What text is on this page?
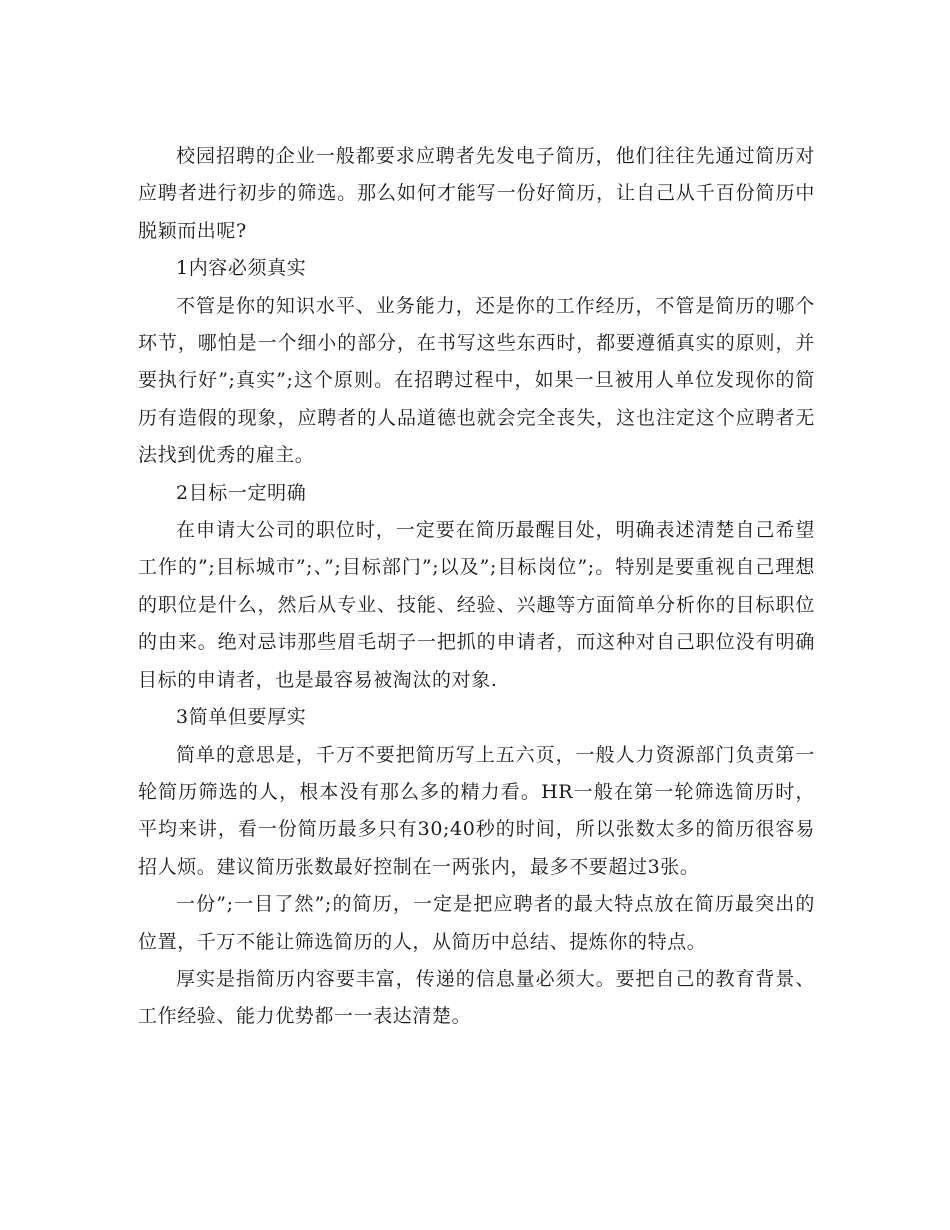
校园招聘的企业一般都要求应聘者先发电子简历，他们往往先通过简历对应聘者进行初步的筛选。那么如何才能写一份好简历，让自己从千百份简历中脱颖而出呢?

1内容必须真实

不管是你的知识水平、业务能力，还是你的工作经历，不管是简历的哪个环节，哪怕是一个细小的部分，在书写这些东西时，都要遵循真实的原则，并要执行好”;真实”;这个原则。在招聘过程中，如果一旦被用人单位发现你的简历有造假的现象，应聘者的人品道德也就会完全丧失，这也注定这个应聘者无法找到优秀的雇主。

2目标一定明确

在申请大公司的职位时，一定要在简历最醒目处，明确表述清楚自己希望工作的”;目标城市”;、”;目标部门”;以及”;目标岗位”;。特别是要重视自己理想的职位是什么，然后从专业、技能、经验、兴趣等方面简单分析你的目标职位的由来。绝对忌讳那些眉毛胡子一把抓的申请者，而这种对自己职位没有明确目标的申请者，也是最容易被淘汰的对象.

3简单但要厚实

简单的意思是，千万不要把简历写上五六页，一般人力资源部门负责第一轮简历筛选的人，根本没有那么多的精力看。HR一般在第一轮筛选简历时，平均来讲，看一份简历最多只有30;40秒的时间，所以张数太多的简历很容易招人烦。建议简历张数最好控制在一两张内，最多不要超过3张。

一份”;一目了然”;的简历，一定是把应聘者的最大特点放在简历最突出的位置，千万不能让筛选简历的人，从简历中总结、提炼你的特点。

厚实是指简历内容要丰富，传递的信息量必须大。要把自己的教育背景、工作经验、能力优势都一一表达清楚。
